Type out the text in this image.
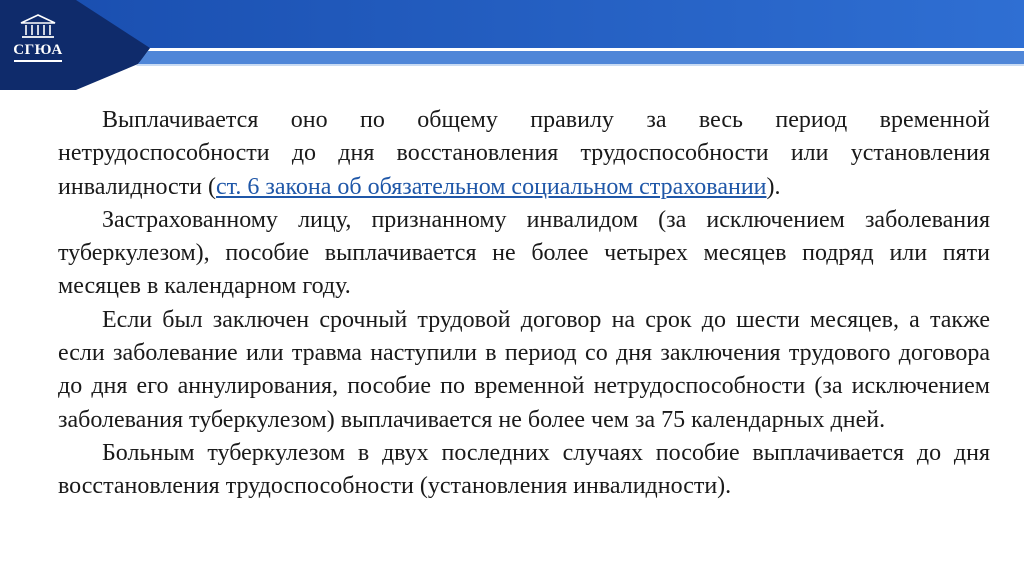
СГЮА

Выплачивается оно по общему правилу за весь период временной нетрудоспособности до дня восстановления трудоспособности или установления инвалидности (ст. 6 закона об обязательном социальном страховании).

Застрахованному лицу, признанному инвалидом (за исключением заболевания туберкулезом), пособие выплачивается не более четырех месяцев подряд или пяти месяцев в календарном году.

Если был заключен срочный трудовой договор на срок до шести месяцев, а также если заболевание или травма наступили в период со дня заключения трудового договора до дня его аннулирования, пособие по временной нетрудоспособности (за исключением заболевания туберкулезом) выплачивается не более чем за 75 календарных дней.

Больным туберкулезом в двух последних случаях пособие выплачивается до дня восстановления трудоспособности (установления инвалидности).
